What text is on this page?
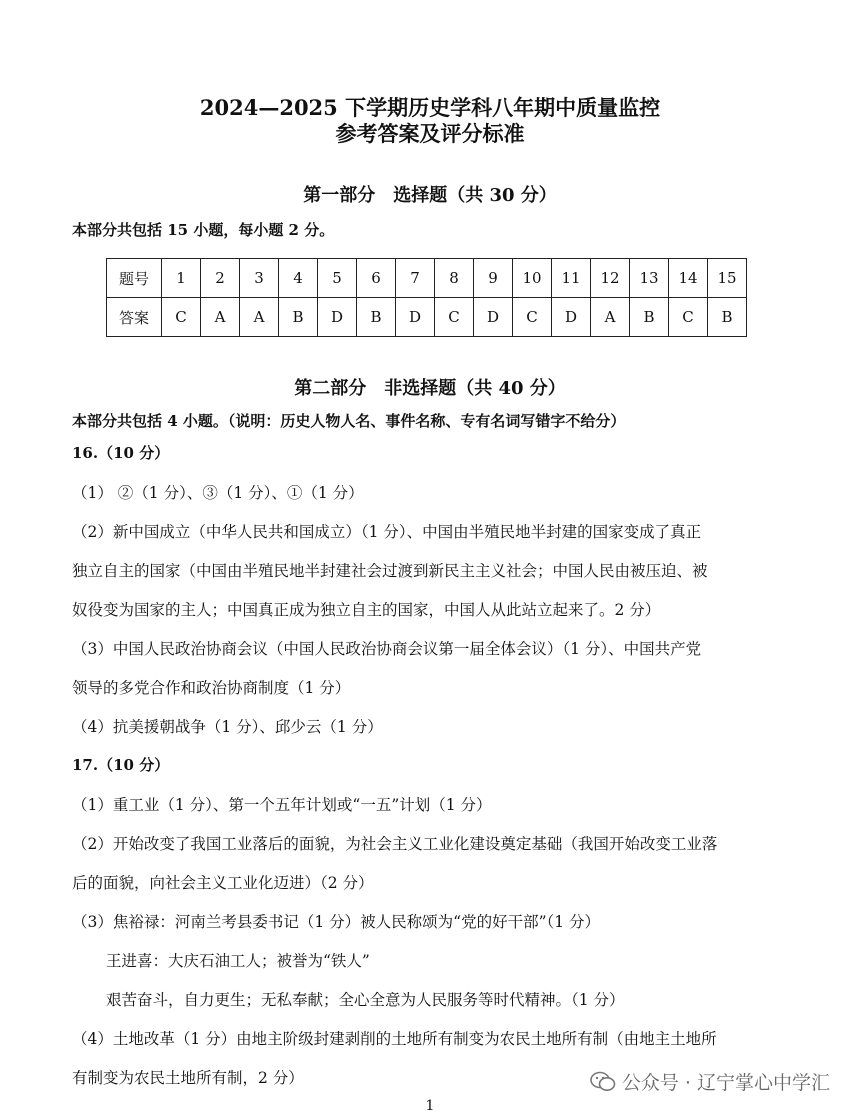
2024—2025 下学期历史学科八年期中质量监控
参考答案及评分标准
第一部分　选择题（共 30 分）
本部分共包括 15 小题，每小题 2 分。
题号	1	2	3	4	5	6	7	8	9	10	11	12	13	14	15
答案	C	A	A	B	D	B	D	C	D	C	D	A	B	C	B
第二部分　非选择题（共 40 分）
本部分共包括 4 小题。（说明：历史人物人名、事件名称、专有名词写错字不给分）
16.（10 分）
（1） ②（1 分）、③（1 分）、①（1 分）
（2）新中国成立（中华人民共和国成立）（1 分）、中国由半殖民地半封建的国家变成了真正
独立自主的国家（中国由半殖民地半封建社会过渡到新民主主义社会；中国人民由被压迫、被
奴役变为国家的主人；中国真正成为独立自主的国家，中国人从此站立起来了。2 分）
（3）中国人民政治协商会议（中国人民政治协商会议第一届全体会议）（1 分）、中国共产党
领导的多党合作和政治协商制度（1 分）
（4）抗美援朝战争（1 分）、邱少云（1 分）
17.（10 分）
（1）重工业（1 分）、第一个五年计划或“一五”计划（1 分）
（2）开始改变了我国工业落后的面貌，为社会主义工业化建设奠定基础（我国开始改变工业落
后的面貌，向社会主义工业化迈进）（2 分）
（3）焦裕禄：河南兰考县委书记（1 分）被人民称颂为“党的好干部”（1 分）
王进喜：大庆石油工人；被誉为“铁人”
艰苦奋斗，自力更生；无私奉献；全心全意为人民服务等时代精神。（1 分）
（4）土地改革（1 分）由地主阶级封建剥削的土地所有制变为农民土地所有制（由地主土地所
有制变为农民土地所有制，2 分）	公众号 · 辽宁掌心中学汇
1
